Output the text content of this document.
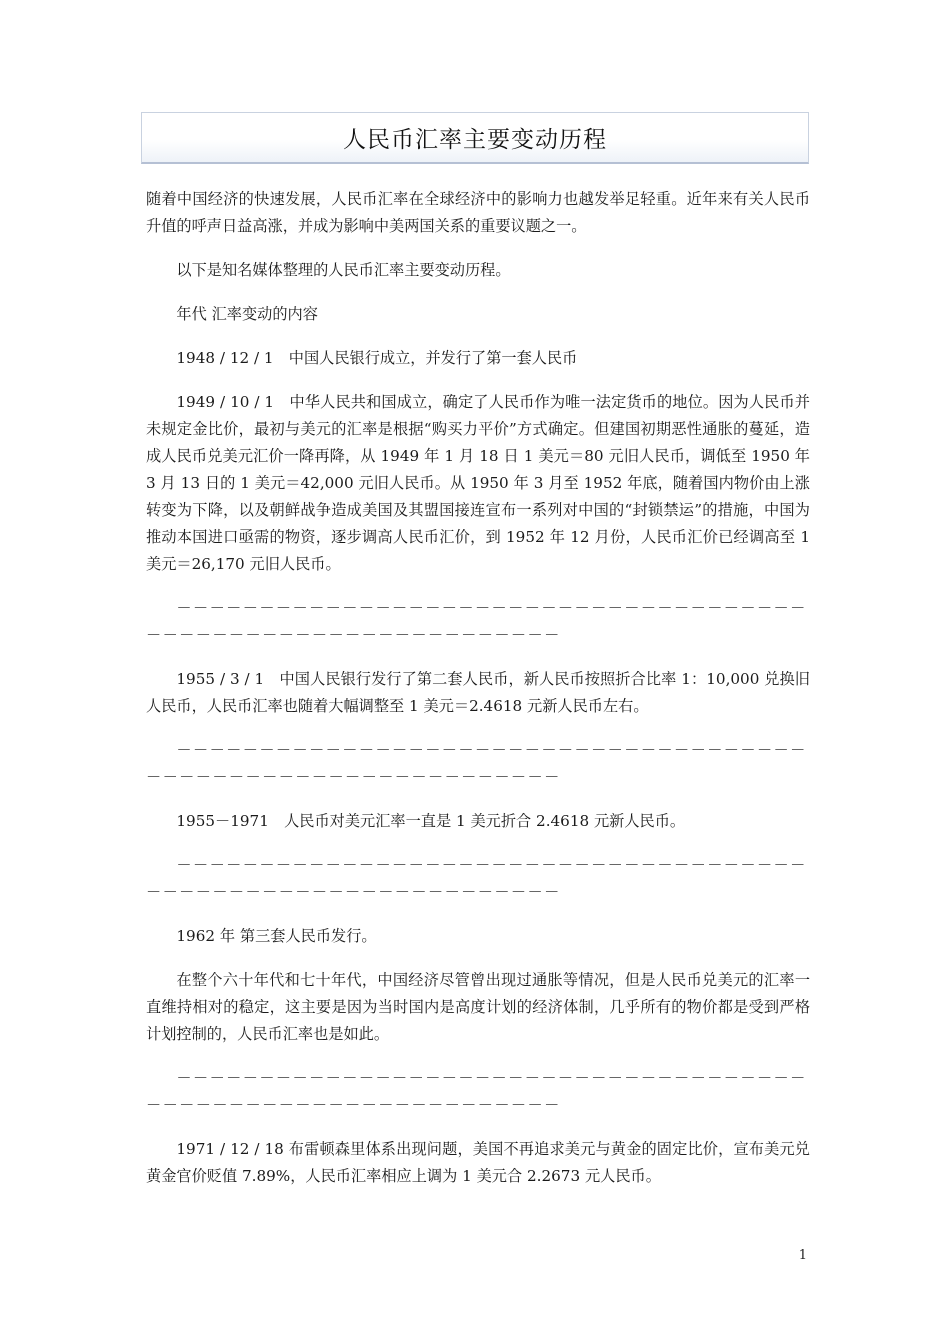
人民币汇率主要变动历程

随着中国经济的快速发展，人民币汇率在全球经济中的影响力也越发举足轻重。近年来有关人民币升值的呼声日益高涨，并成为影响中美两国关系的重要议题之一。

以下是知名媒体整理的人民币汇率主要变动历程。

年代 汇率变动的内容

1948 / 12 / 1　中国人民银行成立，并发行了第一套人民币

1949 / 10 / 1　中华人民共和国成立，确定了人民币作为唯一法定货币的地位。因为人民币并未规定金比价，最初与美元的汇率是根据“购买力平价”方式确定。但建国初期恶性通胀的蔓延，造成人民币兑美元汇价一降再降，从 1949 年 1 月 18 日 1 美元＝80 元旧人民币，调低至 1950 年 3 月 13 日的 1 美元＝42,000 元旧人民币。从 1950 年 3 月至 1952 年底，随着国内物价由上涨转变为下降，以及朝鲜战争造成美国及其盟国接连宣布一系列对中国的“封锁禁运”的措施，中国为推动本国进口亟需的物资，逐步调高人民币汇价，到 1952 年 12 月份，人民币汇价已经调高至 1 美元＝26,170 元旧人民币。

－－－－－－－－－－－－－－－－－－－－－－－－－－－－－－－－－－－－－－－－－－－－－－－－－－－－－－－－－－－－－－－

1955 / 3 / 1　中国人民银行发行了第二套人民币，新人民币按照折合比率 1：10,000 兑换旧人民币，人民币汇率也随着大幅调整至 1 美元＝2.4618 元新人民币左右。

－－－－－－－－－－－－－－－－－－－－－－－－－－－－－－－－－－－－－－－－－－－－－－－－－－－－－－－－－－－－－－－

1955－1971　人民币对美元汇率一直是 1 美元折合 2.4618 元新人民币。

－－－－－－－－－－－－－－－－－－－－－－－－－－－－－－－－－－－－－－－－－－－－－－－－－－－－－－－－－－－－－－－

1962 年 第三套人民币发行。

在整个六十年代和七十年代，中国经济尽管曾出现过通胀等情况，但是人民币兑美元的汇率一直维持相对的稳定，这主要是因为当时国内是高度计划的经济体制，几乎所有的物价都是受到严格计划控制的，人民币汇率也是如此。

－－－－－－－－－－－－－－－－－－－－－－－－－－－－－－－－－－－－－－－－－－－－－－－－－－－－－－－－－－－－－－－

1971 / 12 / 18 布雷顿森里体系出现问题，美国不再追求美元与黄金的固定比价，宣布美元兑黄金官价贬值 7.89%，人民币汇率相应上调为 1 美元合 2.2673 元人民币。

1
